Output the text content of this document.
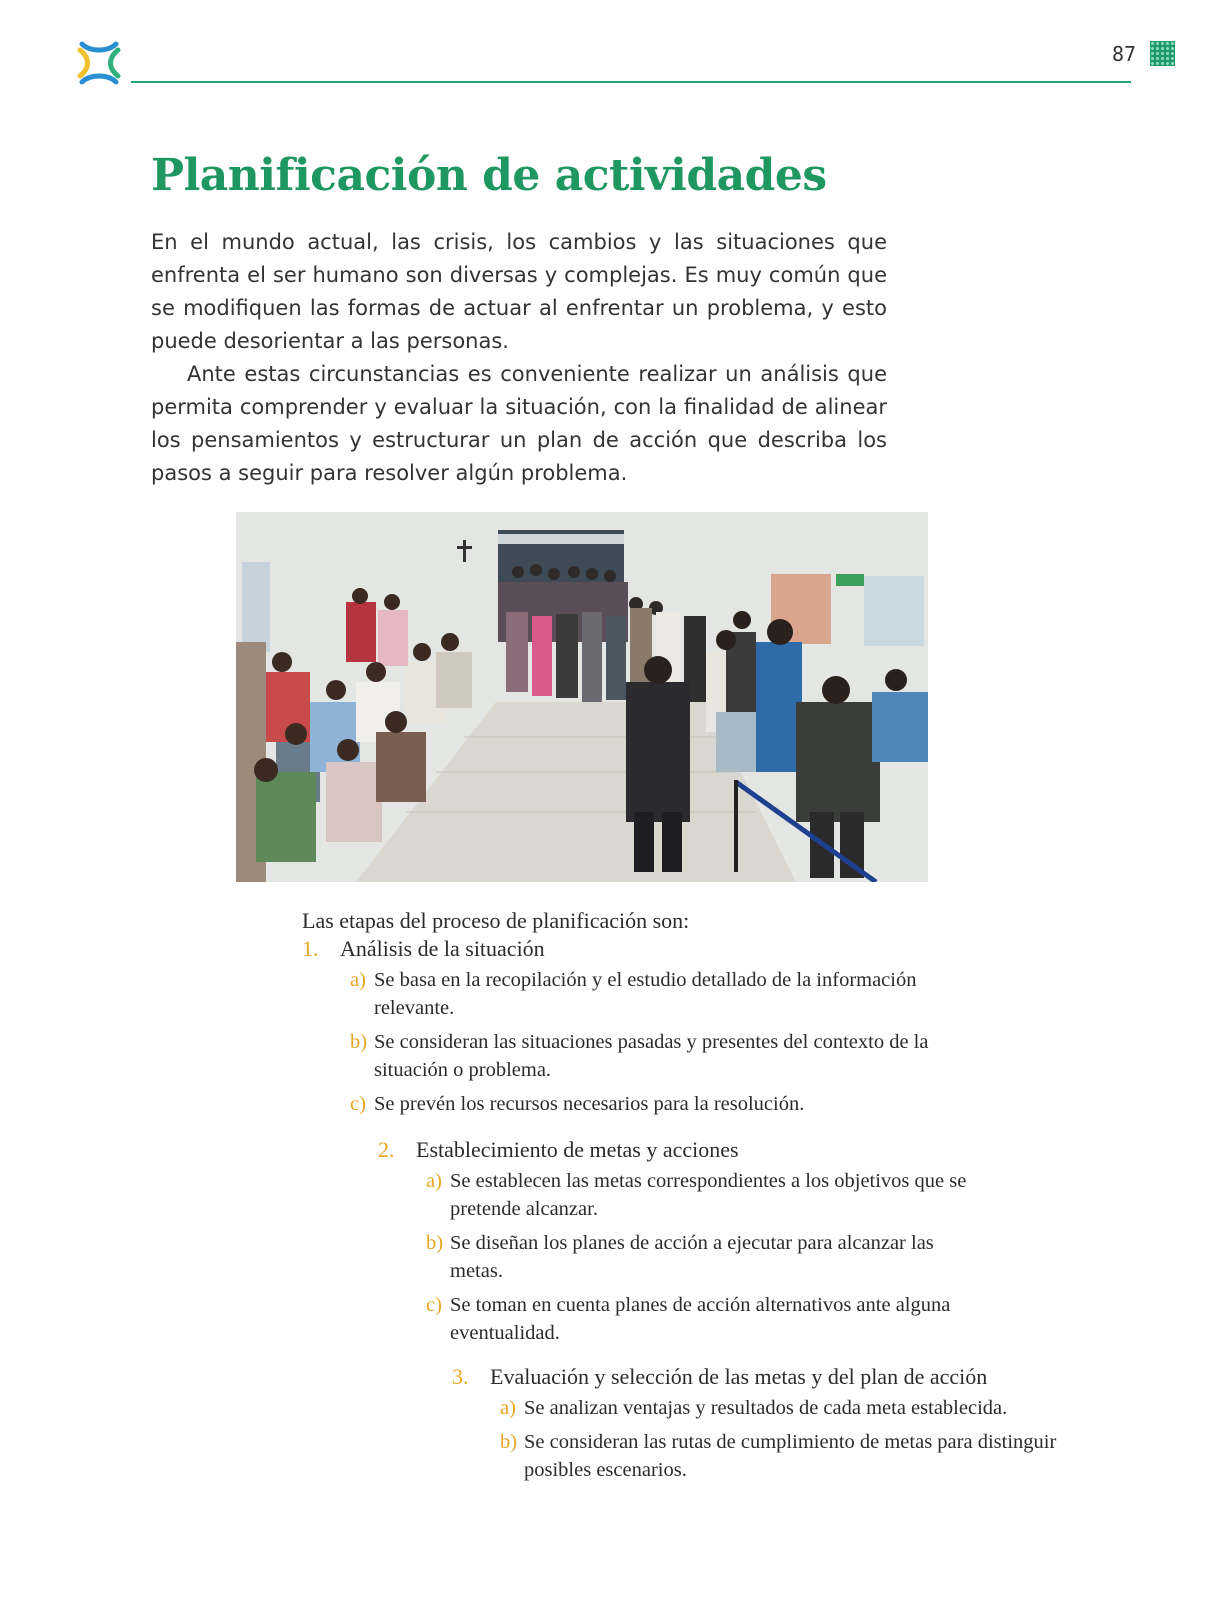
87
Planificación de actividades

En el mundo actual, las crisis, los cambios y las situaciones que enfrenta el ser humano son diversas y complejas. Es muy común que se modifiquen las formas de actuar al enfrentar un problema, y esto puede desorientar a las personas.

Ante estas circunstancias es conveniente realizar un análisis que permita comprender y evaluar la situación, con la finalidad de alinear los pensamientos y estructurar un plan de acción que describa los pasos a seguir para resolver algún problema.

Las etapas del proceso de planificación son:
1. Análisis de la situación
a) Se basa en la recopilación y el estudio detallado de la información relevante.
b) Se consideran las situaciones pasadas y presentes del contexto de la situación o problema.
c) Se prevén los recursos necesarios para la resolución.
2. Establecimiento de metas y acciones
a) Se establecen las metas correspondientes a los objetivos que se pretende alcanzar.
b) Se diseñan los planes de acción a ejecutar para alcanzar las metas.
c) Se toman en cuenta planes de acción alternativos ante alguna eventualidad.
3. Evaluación y selección de las metas y del plan de acción
a) Se analizan ventajas y resultados de cada meta establecida.
b) Se consideran las rutas de cumplimiento de metas para distinguir posibles escenarios.
